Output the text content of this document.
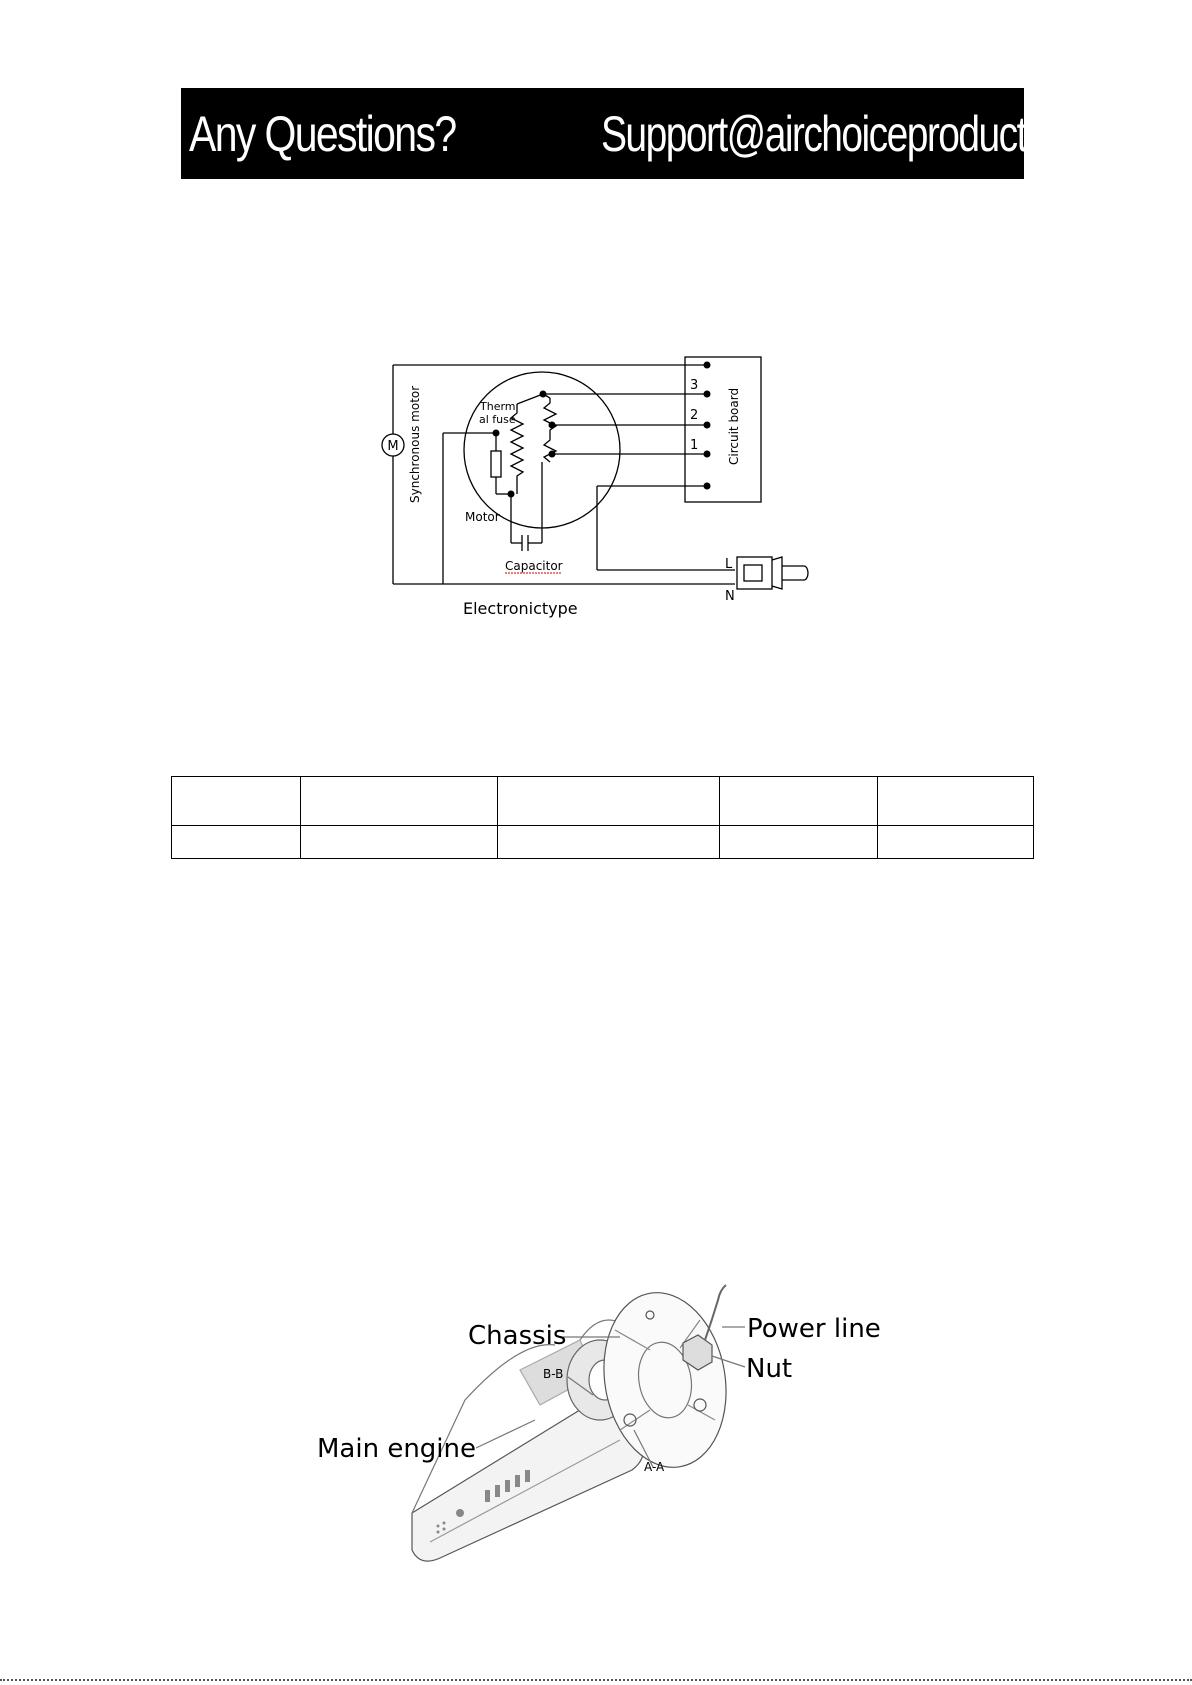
Any Questions?	Support@airchoiceproducts.com
M Synchronous motor	Therm
al fuse
Motor
Capacitor
3
2
1 Circuit board
L
N
Electronictype

Chassis	Power line
Nut
Main engine
B-B
A-A
